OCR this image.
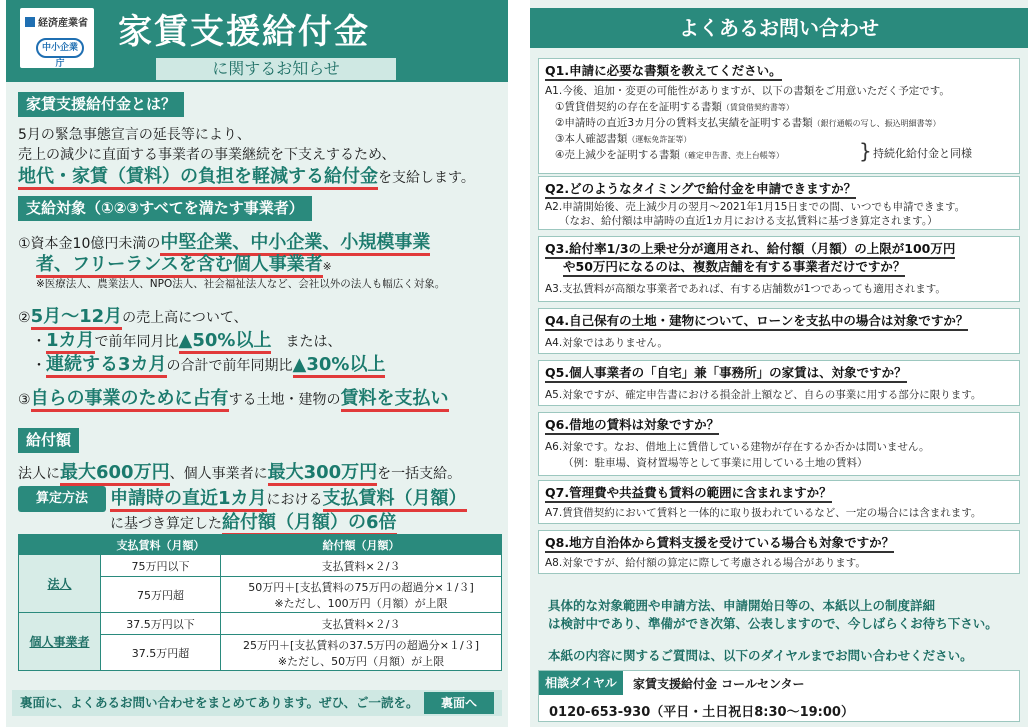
経済産業省
中小企業庁
家賃支援給付金
に関するお知らせ
家賃支援給付金とは？
5月の緊急事態宣言の延長等により、
売上の減少に直面する事業者の事業継続を下支えするため、
地代・家賃（賃料）の負担を軽減する給付金を支給します。
支給対象（①②③すべてを満たす事業者）
①資本金10億円未満の中堅企業、中小企業、小規模事業
者、フリーランスを含む個人事業者※
※医療法人、農業法人、NPO法人、社会福祉法人など、会社以外の法人も幅広く対象。
②5月～12月の売上高について、
・1カ月で前年同月比▲50%以上　または、
・連続する3カ月の合計で前年同期比▲30%以上
③自らの事業のために占有する土地・建物の賃料を支払い
給付額
法人に最大600万円、個人事業者に最大300万円を一括支給。
算定方法	申請時の直近1カ月における支払賃料（月額）
に基づき算定した給付額（月額）の6倍
	支払賃料（月額）	給付額（月額）
法人	75万円以下	支払賃料×２/３
	75万円超	50万円＋[支払賃料の75万円の超過分×１/３]
※ただし、100万円（月額）が上限

個人事業者	37.5万円以下	支払賃料×２/３
	37.5万円超	25万円＋[支払賃料の37.5万円の超過分×１/３]
※ただし、50万円（月額）が上限
裏面に、よくあるお問い合わせをまとめてあります。ぜひ、ご一読を。	裏面へ
よくあるお問い合わせ
Q1.申請に必要な書類を教えてください。
A1.今後、追加・変更の可能性がありますが、以下の書類をご用意いただく予定です。
①賃貸借契約の存在を証明する書類（賃貸借契約書等）
②申請時の直近3カ月分の賃料支払実績を証明する書類（銀行通帳の写し、振込明細書等）
③本人確認書類（運転免許証等）
④売上減少を証明する書類（確定申告書、売上台帳等）	} 持続化給付金と同様
Q2.どのようなタイミングで給付金を申請できますか？
A2.申請開始後、売上減少月の翌月～2021年1月15日までの間、いつでも申請できます。
（なお、給付額は申請時の直近1カ月における支払賃料に基づき算定されます。）
Q3.給付率1/3の上乗せ分が適用され、給付額（月額）の上限が100万円
や50万円になるのは、複数店舗を有する事業者だけですか？
A3.支払賃料が高額な事業者であれば、有する店舗数が1つであっても適用されます。
Q4.自己保有の土地・建物について、ローンを支払中の場合は対象ですか？
A4.対象ではありません。
Q5.個人事業者の「自宅」兼「事務所」の家賃は、対象ですか？
A5.対象ですが、確定申告書における損金計上額など、自らの事業に用する部分に限ります。
Q6.借地の賃料は対象ですか？
A6.対象です。なお、借地上に賃借している建物が存在するか否かは問いません。
（例：駐車場、資材置場等として事業に用している土地の賃料）
Q7.管理費や共益費も賃料の範囲に含まれますか？
A7.賃貸借契約において賃料と一体的に取り扱われているなど、一定の場合には含まれます。
Q8.地方自治体から賃料支援を受けている場合も対象ですか？
A8.対象ですが、給付額の算定に際して考慮される場合があります。
具体的な対象範囲や申請方法、申請開始日等の、本紙以上の制度詳細
は検討中であり、準備ができ次第、公表しますので、今しばらくお待ち下さい。
本紙の内容に関するご質問は、以下のダイヤルまでお問い合わせください。
相談ダイヤル	家賃支援給付金 コールセンター
0120-653-930（平日・土日祝日8:30～19:00）
